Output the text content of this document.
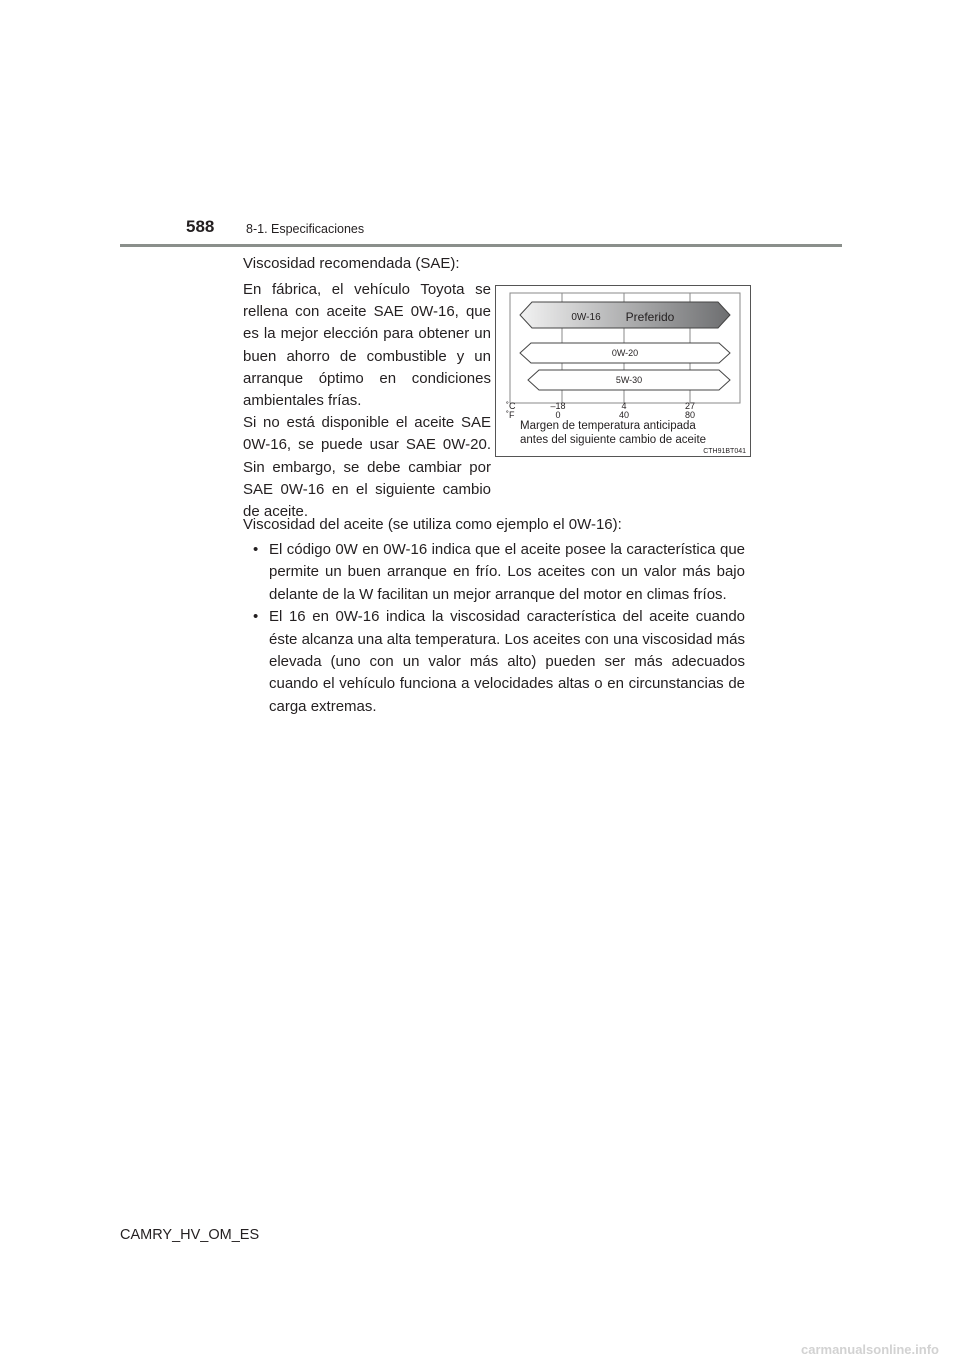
588	8-1. Especificaciones
Viscosidad recomendada (SAE):

En fábrica, el vehículo Toyota se rellena con aceite SAE 0W-16, que es la mejor elección para obtener un buen ahorro de combustible y un arranque óptimo en condiciones ambientales frías.

Si no está disponible el aceite SAE 0W-16, se puede usar SAE 0W-20. Sin embargo, se debe cambiar por SAE 0W-16 en el siguiente cambio de aceite.

0W-16 Preferido
0W-20
5W-30
˚C
˚F
–18	4	27
0	40	80
Margen de temperatura anticipada
antes del siguiente cambio de aceite
CTH91BT041
Viscosidad del aceite (se utiliza como ejemplo el 0W-16):
• El código 0W en 0W-16 indica que el aceite posee la característica que permite un buen arranque en frío. Los aceites con un valor más bajo delante de la W facilitan un mejor arranque del motor en climas fríos.
• El 16 en 0W-16 indica la viscosidad característica del aceite cuando éste alcanza una alta temperatura. Los aceites con una viscosidad más elevada (uno con un valor más alto) pueden ser más adecuados cuando el vehículo funciona a velocidades altas o en circunstancias de carga extremas.
CAMRY_HV_OM_ES
carmanualsonline.info
